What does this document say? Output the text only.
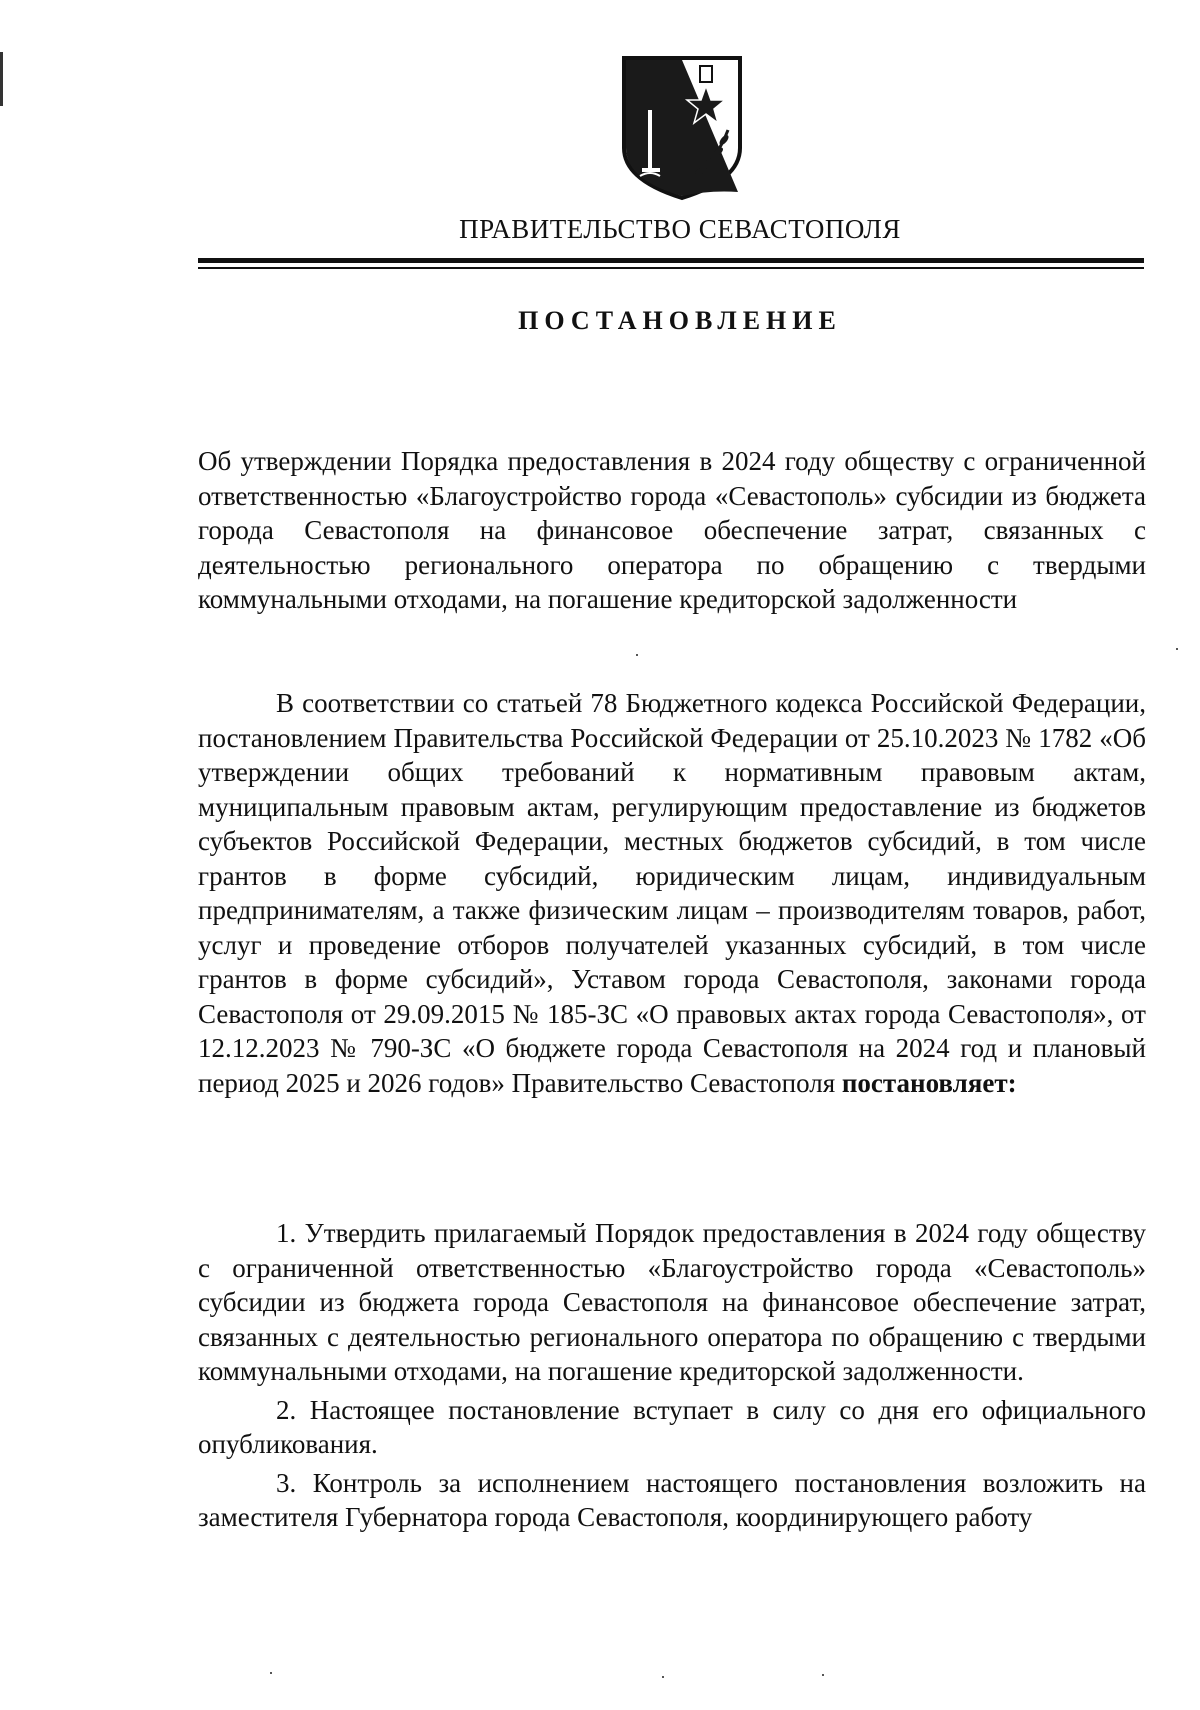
ПРАВИТЕЛЬСТВО СЕВАСТОПОЛЯ
ПОСТАНОВЛЕНИЕ
Об утверждении Порядка предоставления в 2024 году обществу с ограниченной ответственностью «Благоустройство города «Севастополь» субсидии из бюджета города Севастополя на финансовое обеспечение затрат, связанных с деятельностью регионального оператора по обращению с твердыми коммунальными отходами, на погашение кредиторской задолженности
В соответствии со статьей 78 Бюджетного кодекса Российской Федерации, постановлением Правительства Российской Федерации от 25.10.2023 № 1782 «Об утверждении общих требований к нормативным правовым актам, муниципальным правовым актам, регулирующим предоставление из бюджетов субъектов Российской Федерации, местных бюджетов субсидий, в том числе грантов в форме субсидий, юридическим лицам, индивидуальным предпринимателям, а также физическим лицам – производителям товаров, работ, услуг и проведение отборов получателей указанных субсидий, в том числе грантов в форме субсидий», Уставом города Севастополя, законами города Севастополя от 29.09.2015 № 185-ЗС «О правовых актах города Севастополя», от 12.12.2023 № 790-ЗС «О бюджете города Севастополя на 2024 год и плановый период 2025 и 2026 годов» Правительство Севастополя постановляет:

1. Утвердить прилагаемый Порядок предоставления в 2024 году обществу с ограниченной ответственностью «Благоустройство города «Севастополь» субсидии из бюджета города Севастополя на финансовое обеспечение затрат, связанных с деятельностью регионального оператора по обращению с твердыми коммунальными отходами, на погашение кредиторской задолженности.

2. Настоящее постановление вступает в силу со дня его официального опубликования.

3. Контроль за исполнением настоящего постановления возложить на заместителя Губернатора города Севастополя, координирующего работу
